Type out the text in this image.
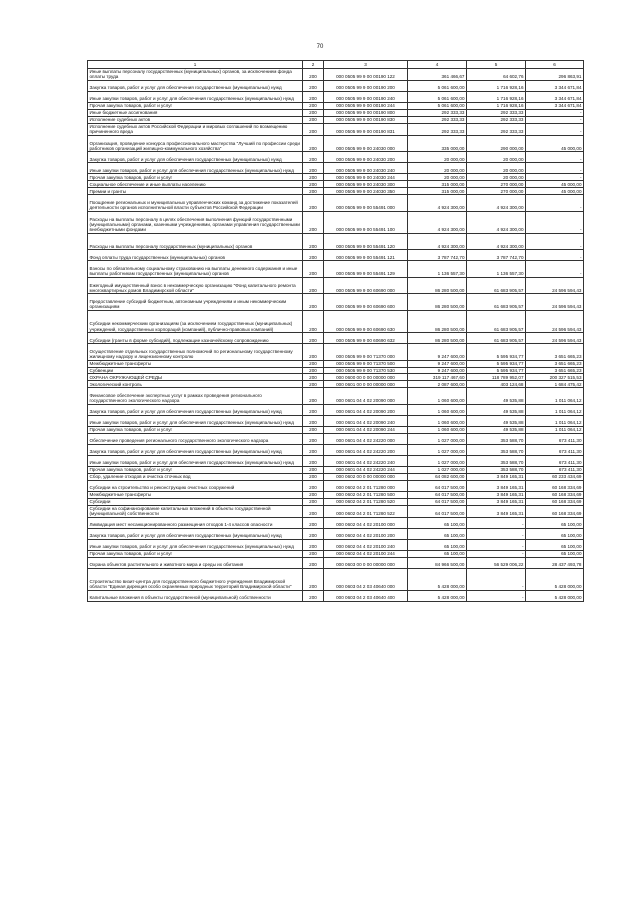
70
1	2	3	4	5	6
Иные выплаты персоналу государственных (муниципальных) органов, за исключением фонда оплаты труда	200	000 0505 99 9 00 00190 122	361 466,67	64 602,76	296 863,91
Закупка товаров, работ и услуг для обеспечения государственных (муниципальных) нужд	200	000 0505 99 9 00 00190 200	5 061 600,00	1 716 928,16	3 344 671,84
Иные закупки товаров, работ и услуг для обеспечения государственных (муниципальных) нужд	200	000 0505 99 9 00 00190 240	5 061 600,00	1 716 928,16	3 344 671,84
Прочая закупка товаров, работ и услуг	200	000 0505 99 9 00 00190 244	5 061 600,00	1 716 928,16	3 344 671,84
Иные бюджетные ассигнования	200	000 0505 99 9 00 00190 800	292 333,33	292 333,33	-
Исполнение судебных актов	200	000 0505 99 9 00 00190 830	292 333,33	292 333,33	-
Исполнение судебных актов Российской Федерации и мировых соглашений по возмещению причиненного вреда	200	000 0505 99 9 00 00190 831	292 333,33	292 333,33	-
Организация, проведение конкурса профессионального мастерства "Лучший по профессии среди работников организаций жилищно-коммунального хозяйства"	200	000 0505 99 9 00 24030 000	335 000,00	290 000,00	45 000,00
Закупка товаров, работ и услуг для обеспечения государственных (муниципальных) нужд	200	000 0505 99 9 00 24030 200	20 000,00	20 000,00	-
Иные закупки товаров, работ и услуг для обеспечения государственных (муниципальных) нужд	200	000 0505 99 9 00 24030 240	20 000,00	20 000,00	-
Прочая закупка товаров, работ и услуг	200	000 0505 99 9 00 24030 244	20 000,00	20 000,00	-
Социальное обеспечение и иные выплаты населению	200	000 0505 99 9 00 24030 300	315 000,00	270 000,00	45 000,00
Премии и гранты	200	000 0505 99 9 00 24030 350	315 000,00	270 000,00	45 000,00
Поощрение региональных и муниципальных управленческих команд за достижение показателей деятельности органов исполнительной власти субъектов Российской Федерации	200	000 0505 99 9 00 55491 000	4 924 300,00	4 924 300,00	-
Расходы на выплаты персоналу в целях обеспечения выполнения функций государственными (муниципальными) органами, казенными учреждениями, органами управления государственными внебюджетными фондами	200	000 0505 99 9 00 55491 100	4 924 300,00	4 924 300,00	-
Расходы на выплаты персоналу государственных (муниципальных) органов	200	000 0505 99 9 00 55491 120	4 924 300,00	4 924 300,00	-
Фонд оплаты труда государственных (муниципальных) органов	200	000 0505 99 9 00 55491 121	3 787 742,70	3 787 742,70	-
Взносы по обязательному социальному страхованию на выплаты денежного содержания и иные выплаты работникам государственных (муниципальных) органов	200	000 0505 99 9 00 55491 129	1 136 557,30	1 136 557,30	-
Ежегодный имущественный взнос в некоммерческую организацию "Фонд капитального ремонта многоквартирных домов Владимирской области"	200	000 0505 99 9 00 60690 000	86 280 500,00	61 683 905,57	24 596 594,43
Предоставление субсидий бюджетным, автономным учреждениям и иным некоммерческим организациям	200	000 0505 99 9 00 60690 600	86 280 500,00	61 683 905,57	24 596 594,43
Субсидии некоммерческим организациям (за исключением государственных (муниципальных) учреждений, государственных корпораций (компаний), публично-правовых компаний)	200	000 0505 99 9 00 60690 630	86 280 500,00	61 683 905,57	24 596 594,43
Субсидии (гранты в форме субсидий), подлежащие казначейскому сопровождению	200	000 0505 99 9 00 60690 632	86 280 500,00	61 683 905,57	24 596 594,43
Осуществление отдельных государственных полномочий по региональному государственному жилищному надзору и лицензионному контролю	200	000 0505 99 9 00 71370 000	9 247 600,00	5 595 934,77	3 651 665,23
Межбюджетные трансферты	200	000 0505 99 9 00 71370 500	9 247 600,00	5 595 934,77	3 651 665,23
Субвенции	200	000 0505 99 9 00 71370 530	9 247 600,00	5 595 934,77	3 651 665,23
ОХРАНА ОКРУЖАЮЩЕЙ СРЕДЫ	200	000 0600 00 0 00 00000 000	319 117 467,60	118 789 952,07	200 327 515,53
Экологический контроль	200	000 0601 00 0 00 00000 000	2 087 600,00	403 124,68	1 684 475,42
Финансовое обеспечение экспертных услуг в рамках проведения регионального государственного экологического надзора	200	000 0601 04 4 02 20090 000	1 060 600,00	49 535,88	1 011 064,12
Закупка товаров, работ и услуг для обеспечения государственных (муниципальных) нужд	200	000 0601 04 4 02 20090 200	1 060 600,00	49 535,88	1 011 064,12
Иные закупки товаров, работ и услуг для обеспечения государственных (муниципальных) нужд	200	000 0601 04 4 02 20090 240	1 060 600,00	49 535,88	1 011 064,12
Прочая закупка товаров, работ и услуг	200	000 0601 04 4 02 20090 244	1 060 600,00	49 535,88	1 011 064,12
Обеспечение проведения регионального государственного экологического надзора	200	000 0601 04 4 02 24220 000	1 027 000,00	353 588,70	673 411,30
Закупка товаров, работ и услуг для обеспечения государственных (муниципальных) нужд	200	000 0601 04 4 02 24220 200	1 027 000,00	353 588,70	673 411,30
Иные закупки товаров, работ и услуг для обеспечения государственных (муниципальных) нужд	200	000 0601 04 4 02 24220 240	1 027 000,00	353 588,70	673 411,30
Прочая закупка товаров, работ и услуг	200	000 0601 04 4 02 24220 244	1 027 000,00	353 588,70	673 411,30
Сбор, удаление отходов и очистка сточных вод	200	000 0602 00 0 00 00000 000	64 082 600,00	3 849 165,31	60 233 434,69
Субсидии на строительство и реконструкцию очистных сооружений	200	000 0602 04 2 01 71280 000	64 017 500,00	3 849 165,31	60 168 334,69
Межбюджетные трансферты	200	000 0602 04 2 01 71280 500	64 017 500,00	3 849 165,31	60 168 334,69
Субсидии	200	000 0602 04 2 01 71280 520	64 017 500,00	3 849 165,31	60 168 334,69
Субсидии на софинансирование капитальных вложений в объекты государственной (муниципальной) собственности	200	000 0602 04 2 01 71280 522	64 017 500,00	3 849 165,31	60 168 334,69
Ликвидация мест несанкционированного размещения отходов 1-4 классов опасности	200	000 0602 04 4 02 20100 000	65 100,00	-	65 100,00
Закупка товаров, работ и услуг для обеспечения государственных (муниципальных) нужд	200	000 0602 04 4 02 20100 200	65 100,00	-	65 100,00
Иные закупки товаров, работ и услуг для обеспечения государственных (муниципальных) нужд	200	000 0602 04 4 02 20100 240	65 100,00	-	65 100,00
Прочая закупка товаров, работ и услуг	200	000 0602 04 4 02 20100 244	65 100,00	-	65 100,00
Охрана объектов растительного и животного мира и среды их обитания	200	000 0603 00 0 00 00000 000	84 966 500,00	56 529 006,22	28 437 493,78
Строительство визит-центра для государственного бюджетного учреждения Владимирской области "Единая дирекция особо охраняемых природных территорий Владимирской области"	200	000 0603 04 2 03 40640 000	5 428 000,00	-	5 428 000,00
Капитальные вложения в объекты государственной (муниципальной) собственности	200	000 0603 04 2 03 40640 400	5 428 000,00	-	5 428 000,00
